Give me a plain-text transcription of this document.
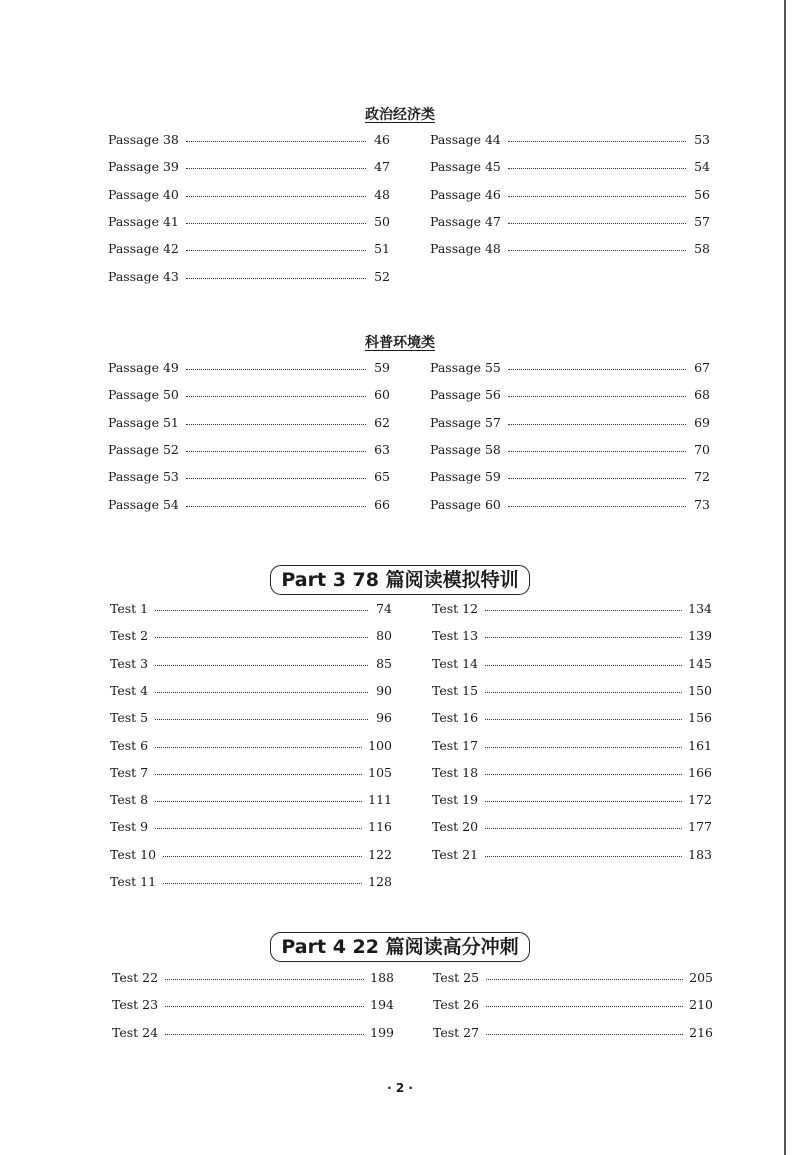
政治经济类
科普环境类
Part 3 78 篇阅读模拟特训
Part 4 22 篇阅读高分冲刺
· 2 ·
Passage 38	46
Passage 39	47
Passage 40	48
Passage 41	50
Passage 42	51
Passage 43	52
Passage 44	53
Passage 45	54
Passage 46	56
Passage 47	57
Passage 48	58
Passage 49	59
Passage 50	60
Passage 51	62
Passage 52	63
Passage 53	65
Passage 54	66
Passage 55	67
Passage 56	68
Passage 57	69
Passage 58	70
Passage 59	72
Passage 60	73
Test 1	74
Test 2	80
Test 3	85
Test 4	90
Test 5	96
Test 6	100
Test 7	105
Test 8	111
Test 9	116
Test 10	122
Test 11	128
Test 12	134
Test 13	139
Test 14	145
Test 15	150
Test 16	156
Test 17	161
Test 18	166
Test 19	172
Test 20	177
Test 21	183
Test 22	188
Test 23	194
Test 24	199
Test 25	205
Test 26	210
Test 27	216
